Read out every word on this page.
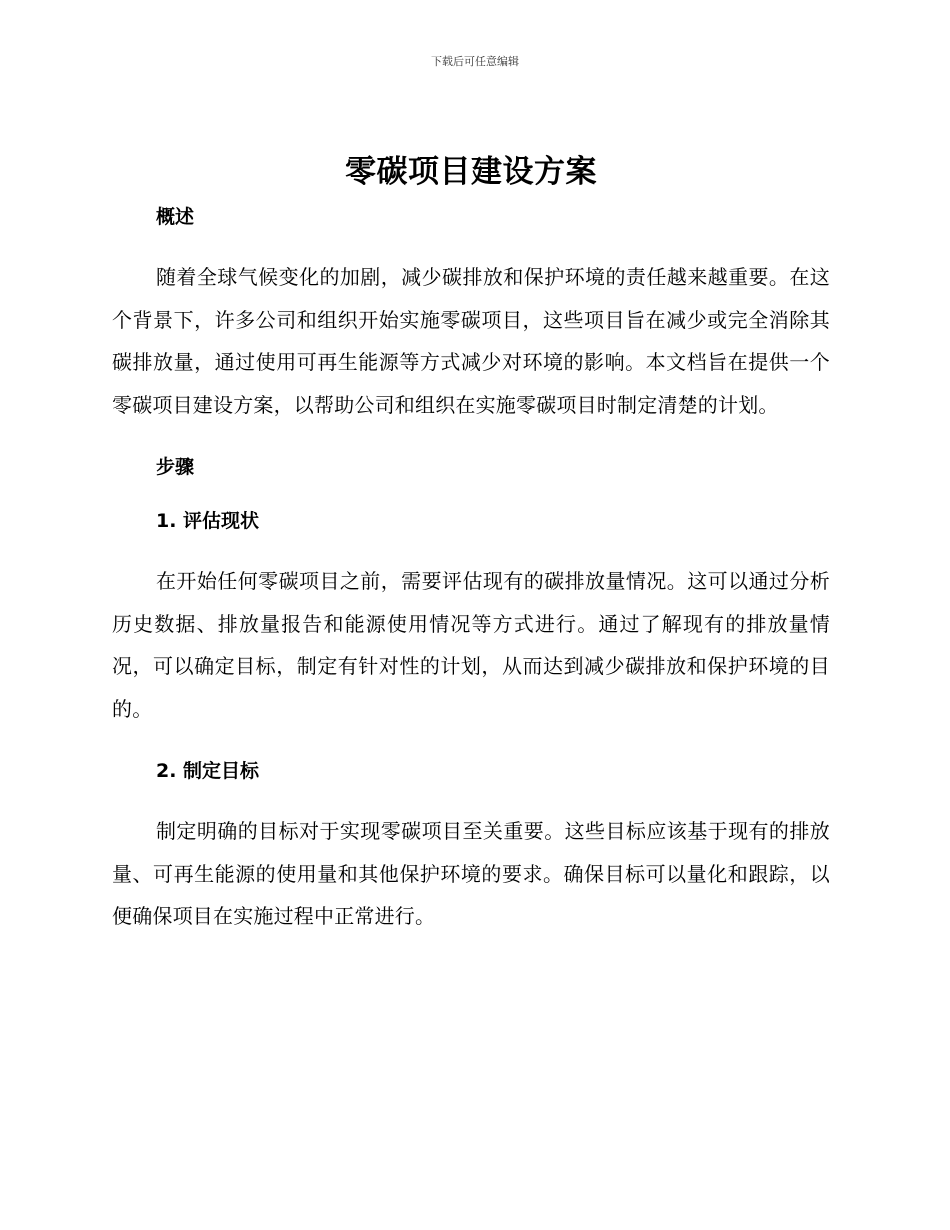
下载后可任意编辑
零碳项目建设方案
概述

随着全球气候变化的加剧，减少碳排放和保护环境的责任越来越重要。在这个背景下，许多公司和组织开始实施零碳项目，这些项目旨在减少或完全消除其碳排放量，通过使用可再生能源等方式减少对环境的影响。本文档旨在提供一个零碳项目建设方案，以帮助公司和组织在实施零碳项目时制定清楚的计划。

步骤
1. 评估现状

在开始任何零碳项目之前，需要评估现有的碳排放量情况。这可以通过分析历史数据、排放量报告和能源使用情况等方式进行。通过了解现有的排放量情况，可以确定目标，制定有针对性的计划，从而达到减少碳排放和保护环境的目的。

2. 制定目标

制定明确的目标对于实现零碳项目至关重要。这些目标应该基于现有的排放量、可再生能源的使用量和其他保护环境的要求。确保目标可以量化和跟踪，以便确保项目在实施过程中正常进行。
